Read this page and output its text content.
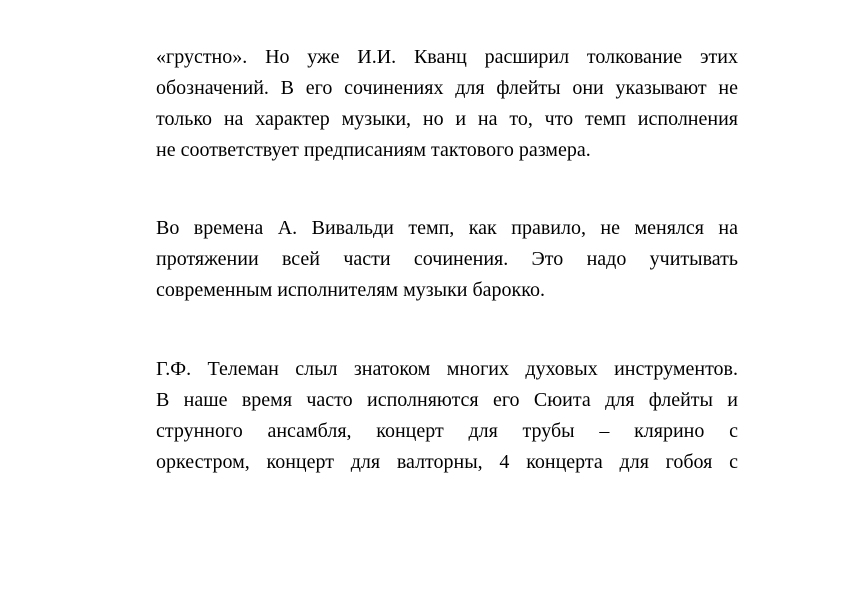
«грустно». Но уже И.И. Кванц расширил толкование этих
обозначений. В его сочинениях для флейты они указывают не
только на характер музыки, но и на то, что темп исполнения
не соответствует предписаниям тактового размера.
Во времена А. Вивальди темп, как правило, не менялся на
протяжении всей части сочинения. Это надо учитывать
современным исполнителям музыки барокко.
Г.Ф. Телеман слыл знатоком многих духовых инструментов.
В наше время часто исполняются его Сюита для флейты и
струнного ансамбля, концерт для трубы – клярино с
оркестром, концерт для валторны, 4 концерта для гобоя с
